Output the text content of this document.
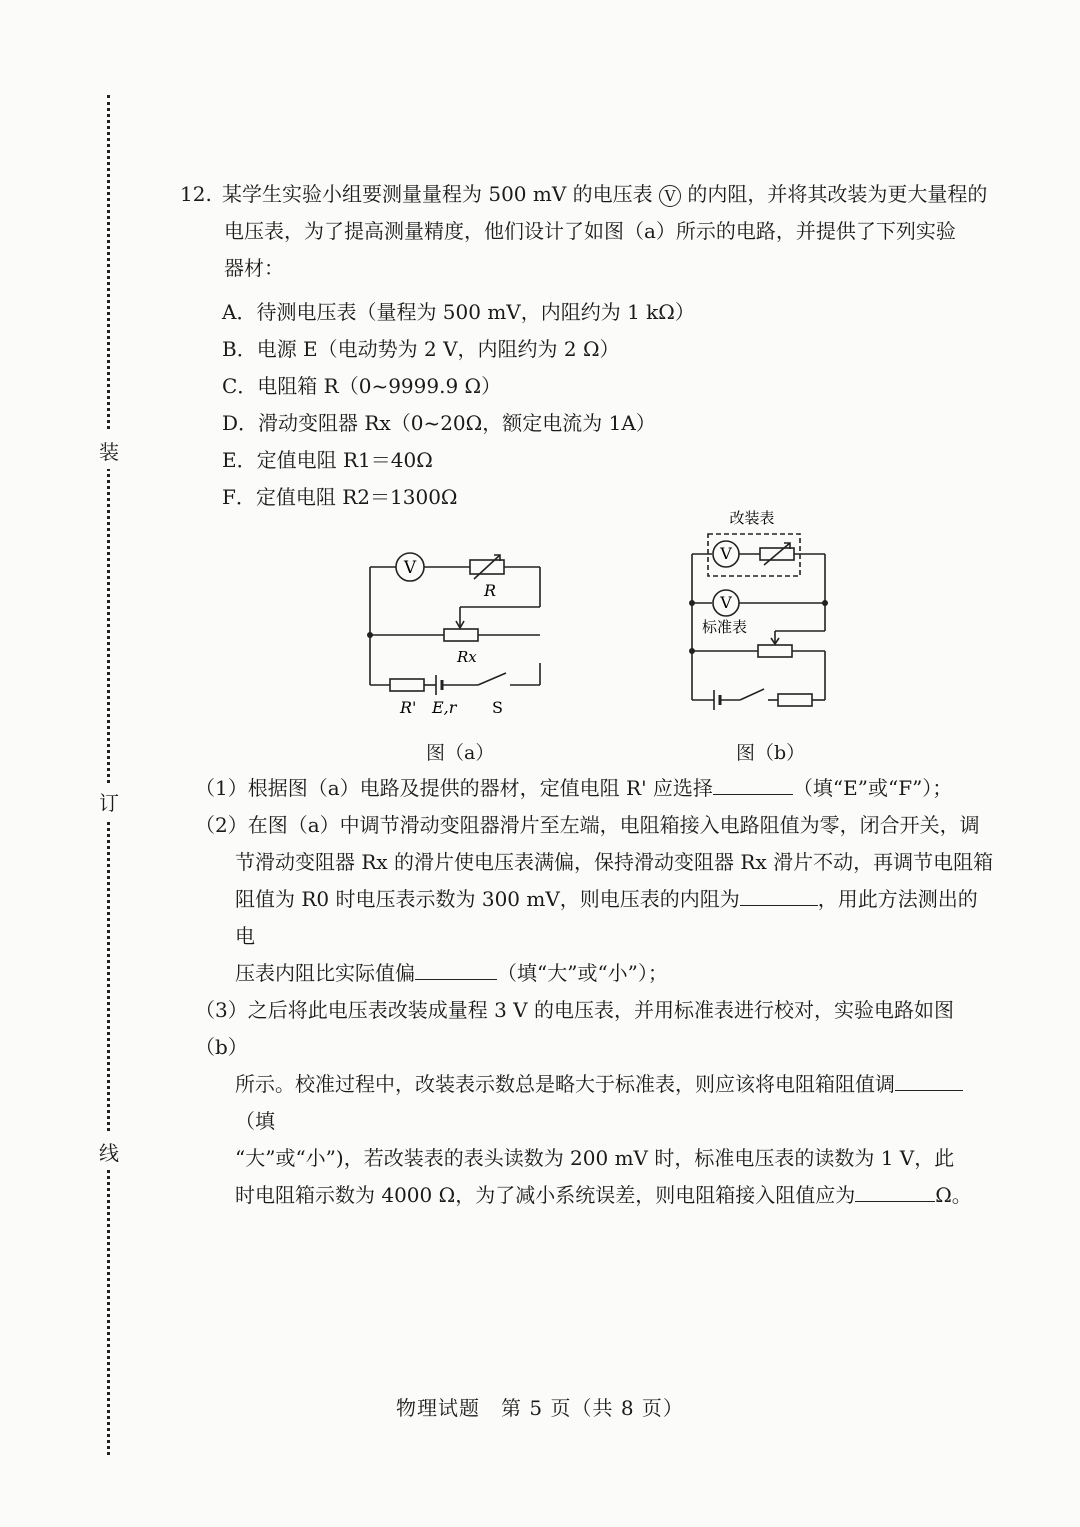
装
订
线

12. 某学生实验小组要测量量程为 500 mV 的电压表 V 的内阻，并将其改装为更大量程的

电压表，为了提高测量精度，他们设计了如图（a）所示的电路，并提供了下列实验

器材：

A．待测电压表（量程为 500 mV，内阻约为 1 kΩ）
B．电源 E（电动势为 2 V，内阻约为 2 Ω）
C．电阻箱 R（0~9999.9 Ω）
D．滑动变阻器 Rx（0~20Ω，额定电流为 1A）
E．定值电阻 R1＝40Ω
F．定值电阻 R2＝1300Ω
V
R
Rx
R' E,r S
图（a）
改装表
V
V
标准表
图（b）

（1）根据图（a）电路及提供的器材，定值电阻 R' 应选择	（填“E”或“F”）；

（2）在图（a）中调节滑动变阻器滑片至左端，电阻箱接入电路阻值为零，闭合开关，调

节滑动变阻器 Rx 的滑片使电压表满偏，保持滑动变阻器 Rx 滑片不动，再调节电阻箱

阻值为 R0 时电压表示数为 300 mV，则电压表的内阻为	，用此方法测出的电

压表内阻比实际值偏	（填“大”或“小”）；

（3）之后将此电压表改装成量程 3 V 的电压表，并用标准表进行校对，实验电路如图（b）

所示。校准过程中，改装表示数总是略大于标准表，则应该将电阻箱阻值调（填

“大”或“小”)，若改装表的表头读数为 200 mV 时，标准电压表的读数为 1 V，此

时电阻箱示数为 4000 Ω，为了减小系统误差，则电阻箱接入阻值应为	Ω。

物理试题　第 5 页（共 8 页）
